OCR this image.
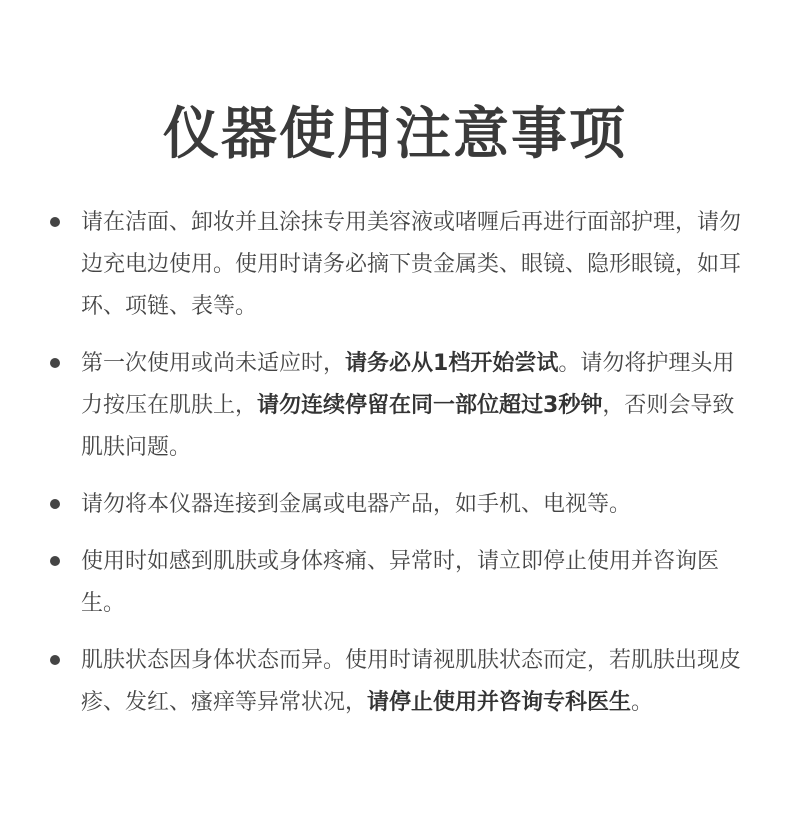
仪器使用注意事项
请在洁面、卸妆并且涂抹专用美容液或啫喱后再进行面部护理，请勿边充电边使用。使用时请务必摘下贵金属类、眼镜、隐形眼镜，如耳环、项链、表等。
第一次使用或尚未适应时，请务必从1档开始尝试。请勿将护理头用力按压在肌肤上，请勿连续停留在同一部位超过3秒钟，否则会导致肌肤问题。
请勿将本仪器连接到金属或电器产品，如手机、电视等。
使用时如感到肌肤或身体疼痛、异常时，请立即停止使用并咨询医生。
肌肤状态因身体状态而异。使用时请视肌肤状态而定，若肌肤出现皮疹、发红、瘙痒等异常状况，请停止使用并咨询专科医生。
